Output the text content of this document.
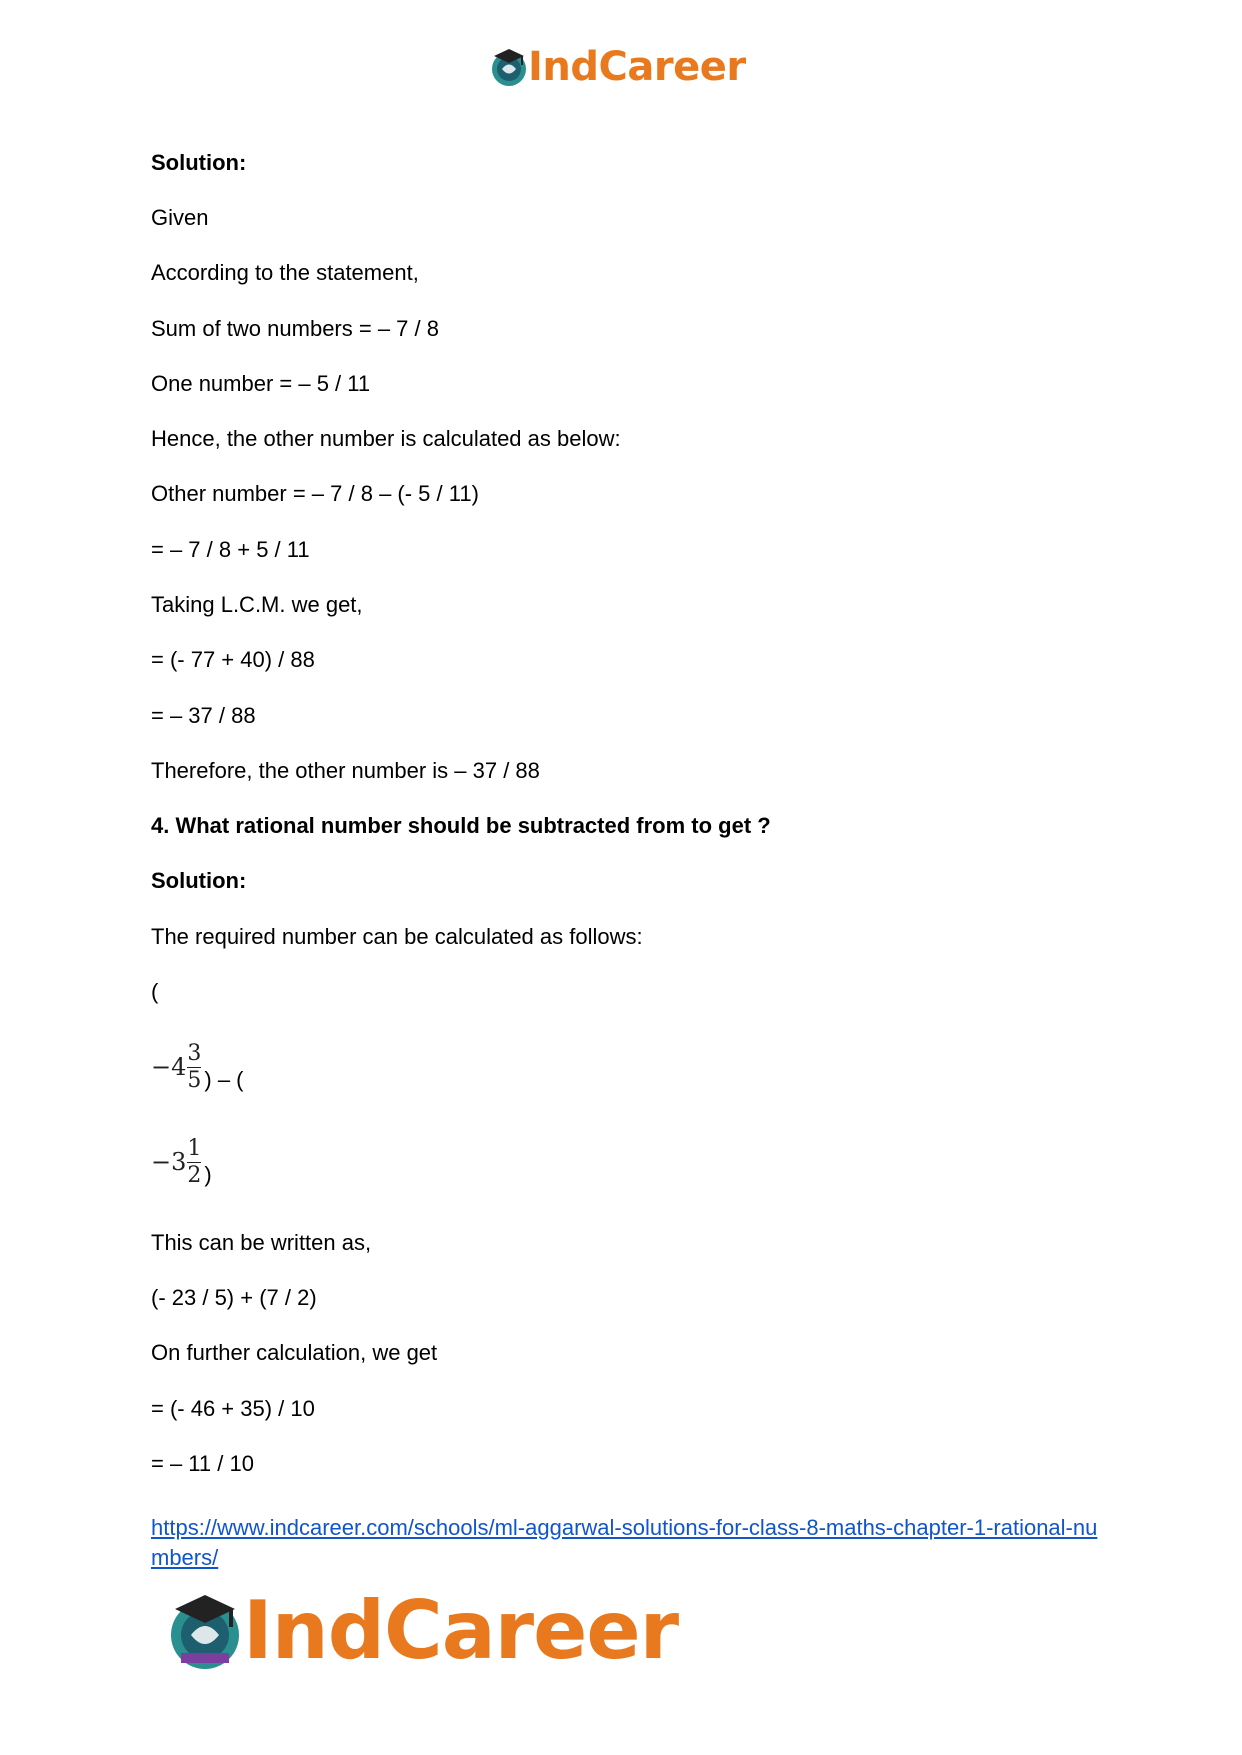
IndCareer
Solution:
Given
According to the statement,
Sum of two numbers = – 7 / 8
One number = – 5 / 11
Hence, the other number is calculated as below:
Other number = – 7 / 8 – (- 5 / 11)
= – 7 / 8 + 5 / 11
Taking L.C.M. we get,
= (- 77 + 40) / 88
= – 37 / 88
Therefore, the other number is – 37 / 88
4. What rational number should be subtracted from to get ?
Solution:
The required number can be calculated as follows:
(
$-4 \frac{3}{5}$ ) – (
$-3 \frac{1}{2}$ )
This can be written as,
(- 23 / 5) + (7 / 2)
On further calculation, we get
= (- 46 + 35) / 10
= – 11 / 10
https://www.indcareer.com/schools/ml-aggarwal-solutions-for-class-8-maths-chapter-1-rational-numbers/
IndCareer
